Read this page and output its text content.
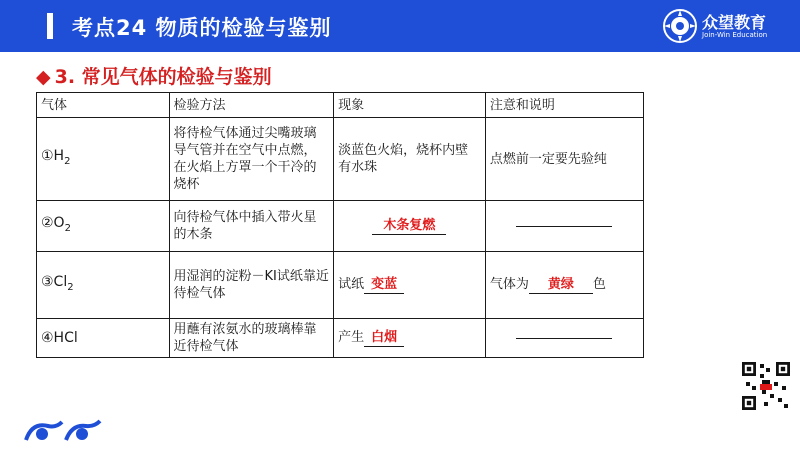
考点24 物质的检验与鉴别	众望教育
Join-Win Education
◆ 3. 常见气体的检验与鉴别
气体	检验方法	现象	注意和说明
$①H_2$	将待检气体通过尖嘴玻璃导气管并在空气中点燃，在火焰上方罩一个干冷的烧杯	淡蓝色火焰，烧杯内壁有水珠	点燃前一定要先验纯
$②O_2$	向待检气体中插入带火星的木条	木条复燃	

$③Cl_2$	用湿润的淀粉－KI试纸靠近待检气体	试纸 变蓝	气体为 黄绿 色
④HCl	用蘸有浓氨水的玻璃棒靠近待检气体	产生 白烟	
